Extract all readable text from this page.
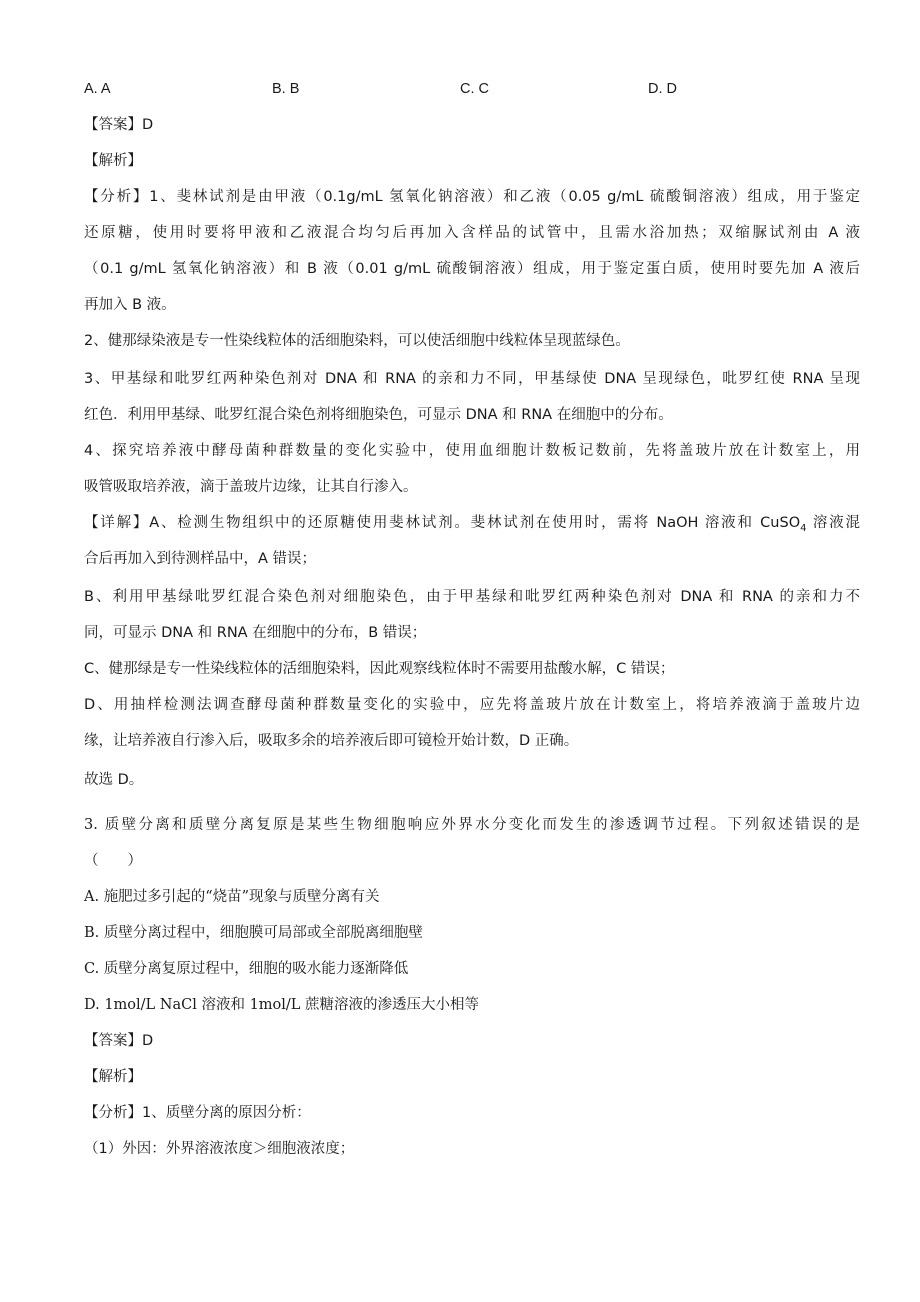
A. A	B. B	C. C	D. D
【答案】D
【解析】
【分析】1、斐林试剂是由甲液（0.1g/mL 氢氧化钠溶液）和乙液（0.05 g/mL 硫酸铜溶液）组成，用于鉴定
还原糖，使用时要将甲液和乙液混合均匀后再加入含样品的试管中，且需水浴加热；双缩脲试剂由 A 液
（0.1 g/mL 氢氧化钠溶液）和 B 液（0.01 g/mL 硫酸铜溶液）组成，用于鉴定蛋白质，使用时要先加 A 液后
再加入 B 液。
2、健那绿染液是专一性染线粒体的活细胞染料，可以使活细胞中线粒体呈现蓝绿色。
3、甲基绿和吡罗红两种染色剂对 DNA 和 RNA 的亲和力不同，甲基绿使 DNA 呈现绿色，吡罗红使 RNA 呈现
红色．利用甲基绿、吡罗红混合染色剂将细胞染色，可显示 DNA 和 RNA 在细胞中的分布。
4、探究培养液中酵母菌种群数量的变化实验中，使用血细胞计数板记数前，先将盖玻片放在计数室上，用
吸管吸取培养液，滴于盖玻片边缘，让其自行渗入。
【详解】A、检测生物组织中的还原糖使用斐林试剂。斐林试剂在使用时，需将 NaOH 溶液和 CuSO$_4$ 溶液混
合后再加入到待测样品中，A 错误；
B、利用甲基绿吡罗红混合染色剂对细胞染色，由于甲基绿和吡罗红两种染色剂对 DNA 和 RNA 的亲和力不
同，可显示 DNA 和 RNA 在细胞中的分布，B 错误；
C、健那绿是专一性染线粒体的活细胞染料，因此观察线粒体时不需要用盐酸水解，C 错误；
D、用抽样检测法调查酵母菌种群数量变化的实验中，应先将盖玻片放在计数室上，将培养液滴于盖玻片边
缘，让培养液自行渗入后，吸取多余的培养液后即可镜检开始计数，D 正确。
故选 D。
3. 质壁分离和质壁分离复原是某些生物细胞响应外界水分变化而发生的渗透调节过程。下列叙述错误的是
（　　）
A. 施肥过多引起的“烧苗”现象与质壁分离有关
B. 质壁分离过程中，细胞膜可局部或全部脱离细胞壁
C. 质壁分离复原过程中，细胞的吸水能力逐渐降低
D. 1mol/L NaCl 溶液和 1mol/L 蔗糖溶液的渗透压大小相等
【答案】D
【解析】
【分析】1、质壁分离的原因分析：
（1）外因：外界溶液浓度＞细胞液浓度；
